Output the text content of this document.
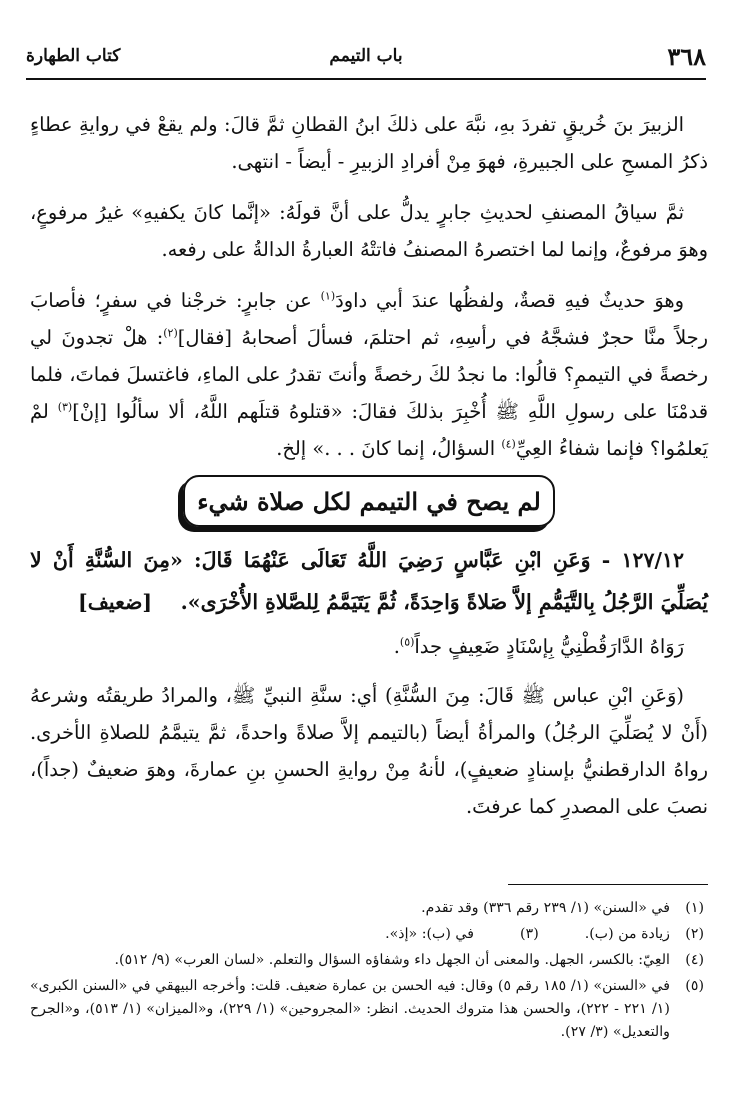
٣٦٨
باب التيمم
كتاب الطهارة

الزبيرَ بنَ خُريقٍ تفردَ بهِ، نبَّهَ على ذلكَ ابنُ القطانِ ثمَّ قالَ: ولم يقعْ في روايةِ عطاءٍ ذكرُ المسحِ على الجبيرةِ، فهوَ مِنْ أفرادِ الزبيرِ - أيضاً - انتهى.

ثمَّ سياقُ المصنفِ لحديثِ جابرٍ يدلُّ على أنَّ قولَهُ: «إنَّما كانَ يكفيهِ» غيرُ مرفوعٍ، وهوَ مرفوعٌ، وإنما لما اختصرهُ المصنفُ فاتتْهُ العبارةُ الدالةُ على رفعه.

وهوَ حديثٌ فيهِ قصةٌ، ولفظُها عندَ أبي داودَ$^{(١)}$ عن جابرٍ: خرجْنا في سفرٍ؛ فأصابَ رجلاً منَّا حجرٌ فشجَّهُ في رأسِهِ، ثم احتلمَ، فسألَ أصحابهُ [فقال]$^{(٢)}$: هلْ تجدونَ لي رخصةً في التيممِ؟ قالُوا: ما نجدُ لكَ رخصةً وأنتَ تقدرُ على الماءِ، فاغتسلَ فماتَ، فلما قدمْنَا على رسولِ اللَّهِ ﷺ أُخْبِرَ بذلكَ فقالَ: «قتلوهُ قتلَهم اللَّهُ، ألا سألُوا [إنْ]$^{(٣)}$ لمْ يَعلمُوا؟ فإنما شفاءُ العِيِّ$^{(٤)}$ السؤالُ، إنما كانَ . . .» إلخ.

لم يصح في التيمم لكل صلاة شيء

١٢٧/١٢ - وَعَنِ ابْنِ عَبَّاسٍ رَضِيَ اللَّهُ تَعَالَى عَنْهُمَا قَالَ: «مِنَ السُّنَّةِ أَنْ لا يُصَلِّيَ الرَّجُلُ بِالتَّيَمُّمِ إلاَّ صَلاةً وَاحِدَةً، ثُمَّ يَتَيَمَّمُ لِلصَّلاةِ الأُخْرَى».    [ضعيف]

رَوَاهُ الدَّارَقُطْنِيُّ بِإسْنَادٍ ضَعِيفٍ جداً$^{(٥)}$.

(وَعَنِ ابْنِ عباس ﷺ قَالَ: مِنَ السُّنَّةِ) أي: سنَّةِ النبيِّ ﷺ، والمرادُ طريقتُه وشرعهُ (أَنْ لا يُصَلِّيَ الرجُلُ) والمرأةُ أيضاً (بالتيمم إلاَّ صلاةً واحدةً، ثمَّ يتيمَّمُ للصلاةِ الأخرى. رواهُ الدارقطنيُّ بإسنادٍ ضعيفٍ)، لأنهُ مِنْ روايةِ الحسنِ بنِ عمارةَ، وهوَ ضعيفٌ (جداً)، نصبَ على المصدرِ كما عرفتَ.

(١)
في «السنن» (١/ ٢٣٩ رقم ٣٣٦) وقد تقدم.
(٢)
زيادة من (ب).
(٣)
في (ب): «إذ».
(٤)
العِيّ: بالكسر، الجهل. والمعنى أن الجهل داء وشفاؤه السؤال والتعلم. «لسان العرب» (٩/ ٥١٢).
(٥)
في «السنن» (١/ ١٨٥ رقم ٥) وقال: فيه الحسن بن عمارة ضعيف. قلت: وأخرجه البيهقي في «السنن الكبرى» (١/ ٢٢١ - ٢٢٢)، والحسن هذا متروك الحديث. انظر: «المجروحين» (١/ ٢٢٩)، و«الميزان» (١/ ٥١٣)، و«الجرح والتعديل» (٣/ ٢٧).
